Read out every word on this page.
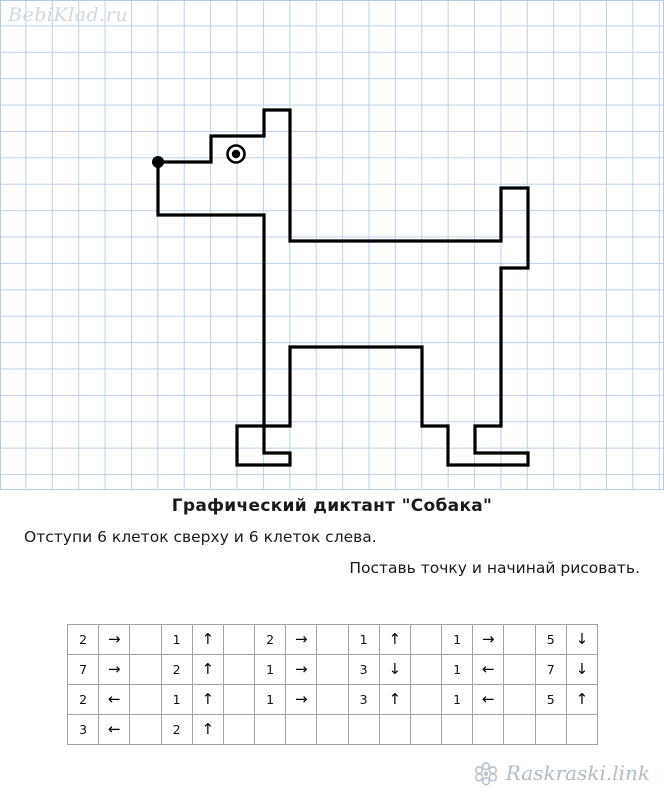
BebiKlad.ru
Графический диктант "Собака"
Отступи 6 клеток сверху и 6 клеток слева.
Поставь точку и начинай рисовать.
2	→		1	↑		2	→		1	↑		1	→		5	↓
7	→		2	↑		1	→		3	↓		1	←		7	↓
2	←		1	↑		1	→		3	↑		1	←		5	↑
3	←		2	↑												
Raskraski.link
